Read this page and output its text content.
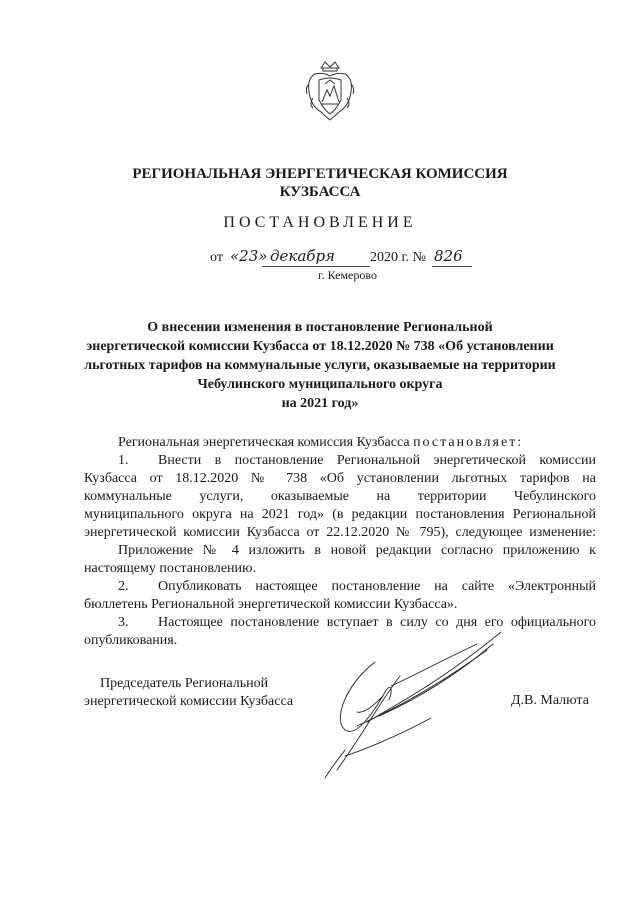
РЕГИОНАЛЬНАЯ ЭНЕРГЕТИЧЕСКАЯ КОМИССИЯ
КУЗБАССА
ПОСТАНОВЛЕНИЕ
от «23» декабря	2020 г. № 826
г. Кемерово
О внесении изменения в постановление Региональной
энергетической комиссии Кузбасса от 18.12.2020 № 738 «Об установлении
льготных тарифов на коммунальные услуги, оказываемые на территории
Чебулинского муниципального округа
на 2021 год»
Региональная энергетическая комиссия Кузбасса постановляет:
1. Внести в постановление Региональной энергетической комиссии
Кузбасса от 18.12.2020 № 738 «Об установлении льготных тарифов на
коммунальные услуги, оказываемые на территории Чебулинского
муниципального округа на 2021 год» (в редакции постановления Региональной
энергетической комиссии Кузбасса от 22.12.2020 № 795), следующее изменение:
Приложение № 4 изложить в новой редакции согласно приложению к
настоящему постановлению.
2. Опубликовать настоящее постановление на сайте «Электронный
бюллетень Региональной энергетической комиссии Кузбасса».
3. Настоящее постановление вступает в силу со дня его официального
опубликования.
Председатель Региональной
энергетической комиссии Кузбасса	Д.В. Малюта
